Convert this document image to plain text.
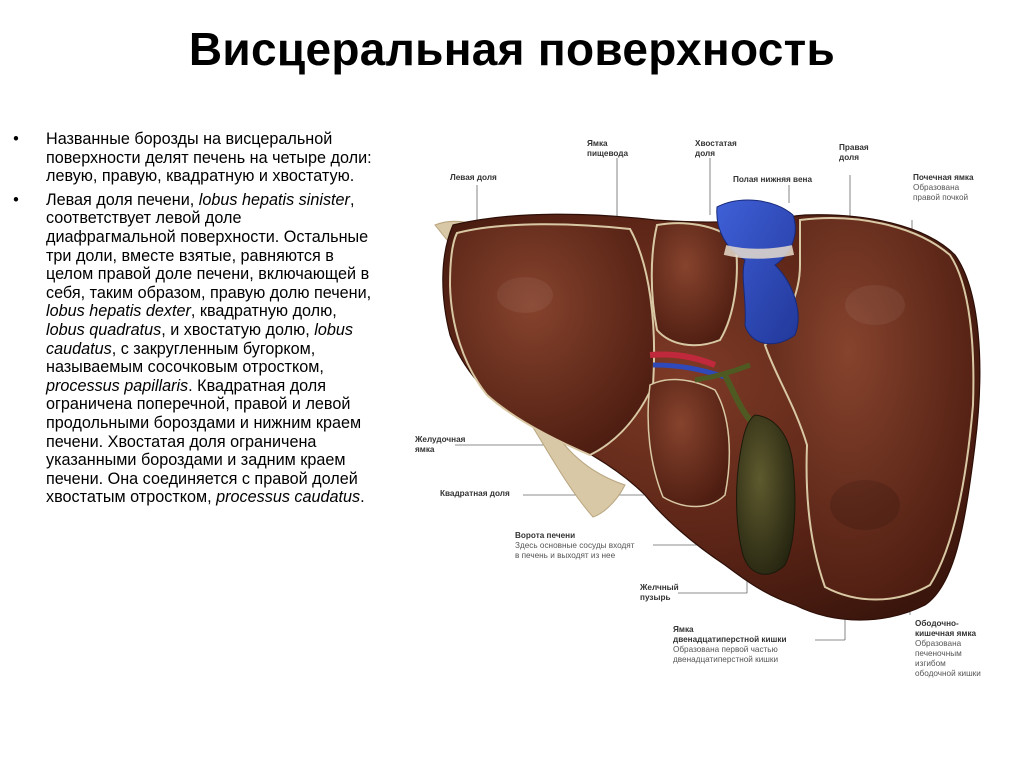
Висцеральная поверхность
• Названные борозды на висцеральной поверхности делят печень на четыре доли: левую, правую, квадратную и хвостатую.
• Левая доля печени, lobus hepatis sinister, соответствует левой доле диафрагмальной поверхности. Остальные три доли, вместе взятые, равняются в целом правой доле печени, включающей в себя, таким образом, правую долю печени, lobus hepatis dexter, квадратную долю, lobus quadratus, и хвостатую долю, lobus caudatus, с закругленным бугорком, называемым сосочковым отростком, processus papillaris. Квадратная доля ограничена поперечной, правой и левой продольными бороздами и нижним краем печени. Хвостатая доля ограничена указанными бороздами и задним краем печени. Она соединяется с правой долей хвостатым отростком, processus caudatus.
Левая доля
Ямка
пищевода
Хвостатая
доля
Правая
доля
Полая нижняя вена	Почечная ямка
Образована
правой почкой
Желудочная
ямка
Квадратная доля
Ворота печени
Здесь основные сосуды входят
в печень и выходят из нее
Желчный
пузырь
Ямка
двенадцатиперстной кишки
Образована первой частью
двенадцатиперстной кишки
Ободочно-
кишечная ямка
Образована
печеночным
изгибом
ободочной кишки
